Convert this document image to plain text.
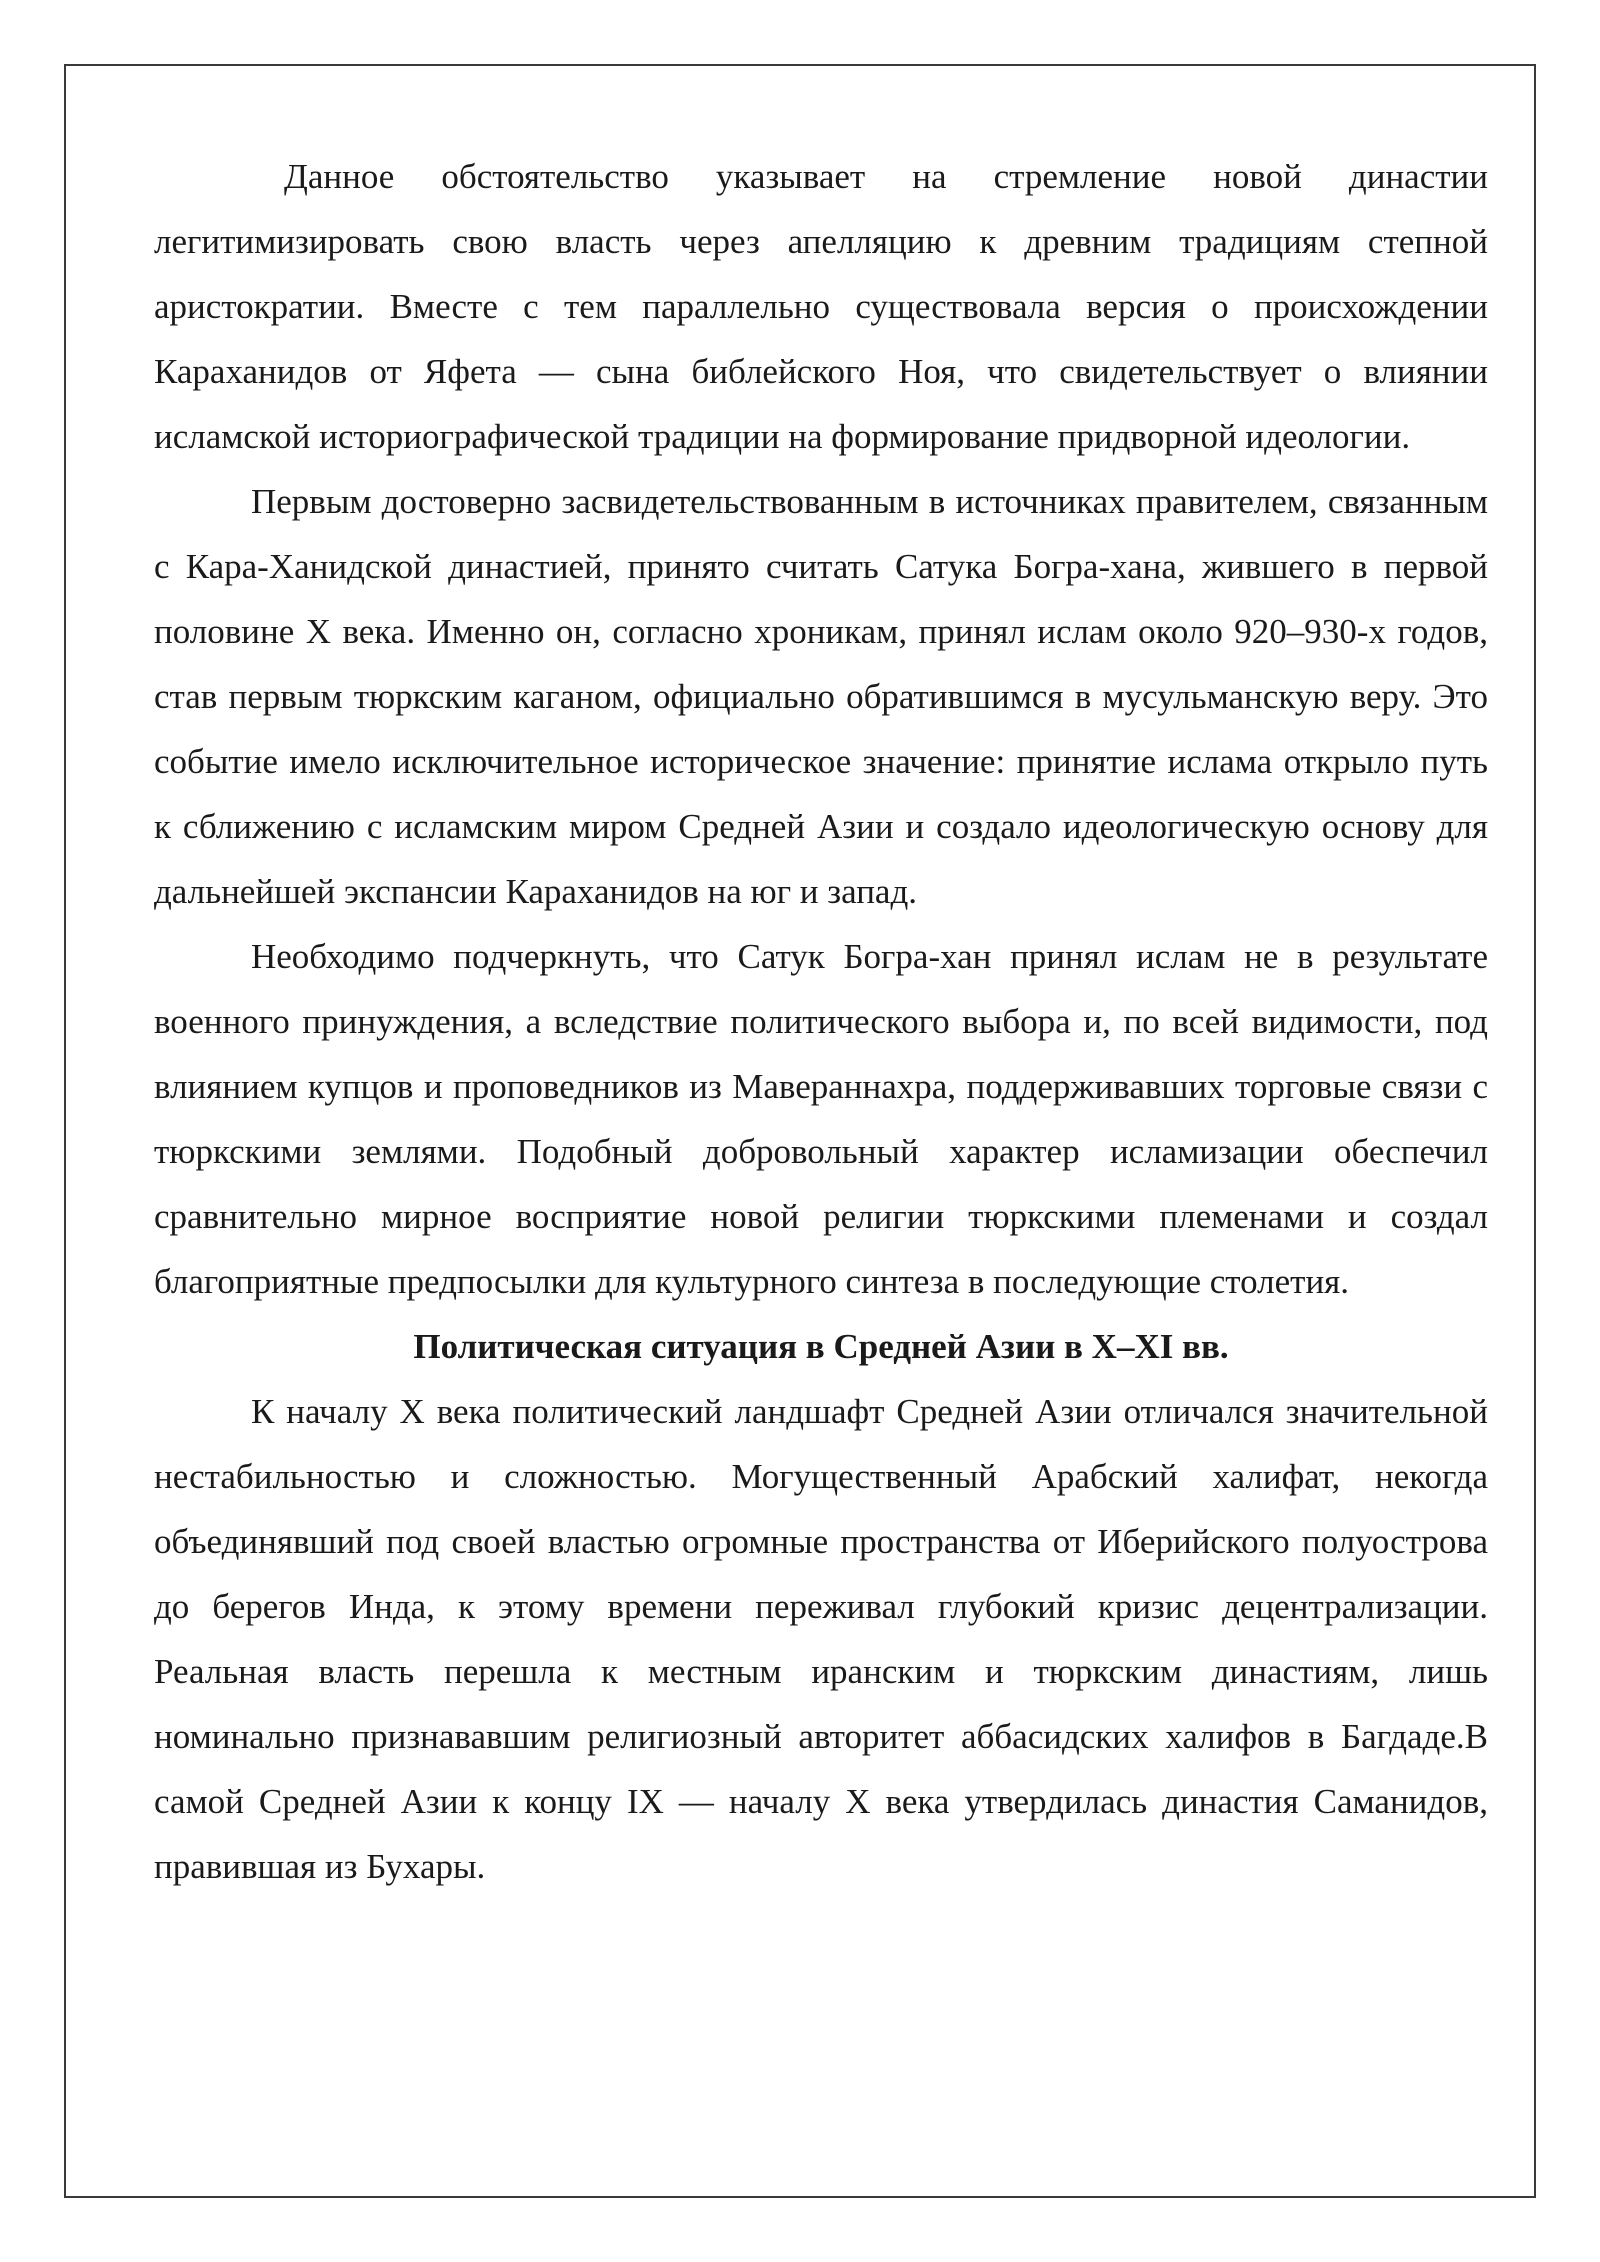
Данное обстоятельство указывает на стремление новой династии легитимизировать свою власть через апелляцию к древним традициям степной аристократии. Вместе с тем параллельно существовала версия о происхождении Караханидов от Яфета — сына библейского Ноя, что свидетельствует о влиянии исламской историографической традиции на формирование придворной идеологии.

Первым достоверно засвидетельствованным в источниках правителем, связанным с Кара-Ханидской династией, принято считать Сатука Богра-хана, жившего в первой половине X века. Именно он, согласно хроникам, принял ислам около 920–930-х годов, став первым тюркским каганом, официально обратившимся в мусульманскую веру. Это событие имело исключительное историческое значение: принятие ислама открыло путь к сближению с исламским миром Средней Азии и создало идеологическую основу для дальнейшей экспансии Караханидов на юг и запад.

Необходимо подчеркнуть, что Сатук Богра-хан принял ислам не в результате военного принуждения, а вследствие политического выбора и, по всей видимости, под влиянием купцов и проповедников из Мавераннахра, поддерживавших торговые связи с тюркскими землями. Подобный добровольный характер исламизации обеспечил сравнительно мирное восприятие новой религии тюркскими племенами и создал благоприятные предпосылки для культурного синтеза в последующие столетия.

Политическая ситуация в Средней Азии в X–XI вв.

К началу X века политический ландшафт Средней Азии отличался значительной нестабильностью и сложностью. Могущественный Арабский халифат, некогда объединявший под своей властью огромные пространства от Иберийского полуострова до берегов Инда, к этому времени переживал глубокий кризис децентрализации. Реальная власть перешла к местным иранским и тюркским династиям, лишь номинально признававшим религиозный авторитет аббасидских халифов в Багдаде.В самой Средней Азии к концу IX — началу X века утвердилась династия Саманидов, правившая из Бухары.
